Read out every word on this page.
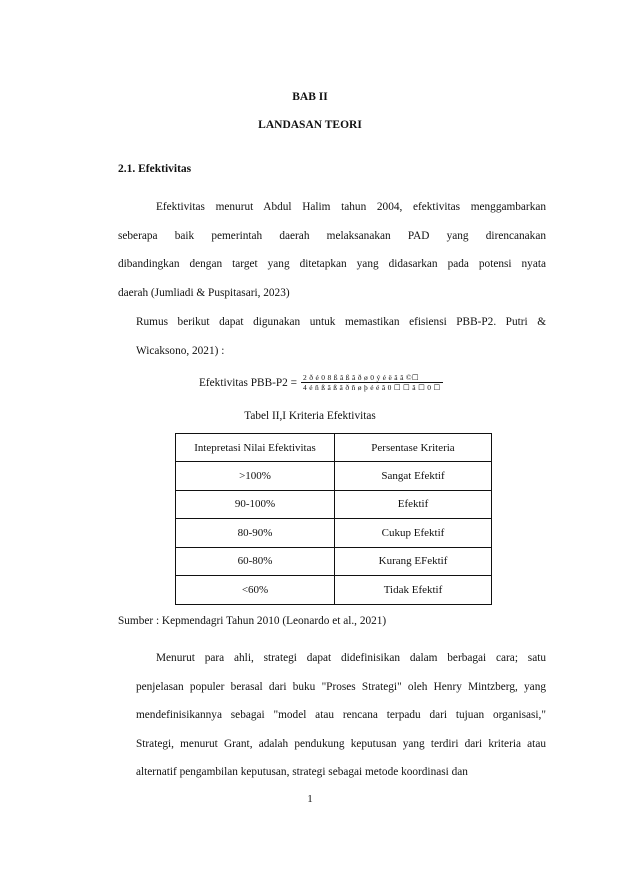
BAB II
LANDASAN TEORI
2.1. Efektivitas
Efektivitas menurut Abdul Halim tahun 2004, efektivitas menggambarkan
seberapa baik pemerintah daerah melaksanakan PAD yang direncanakan
dibandingkan dengan target yang ditetapkan yang didasarkan pada potensi nyata
daerah (Jumliadi & Puspitasari, 2023)
Rumus berikut dapat digunakan untuk memastikan efisiensi PBB-P2. Putri &
Wicaksono, 2021) :
Efektivitas $PBB-P2 = \frac{\text{2 ð é 0 8 ß ã ß ã ð ø 0 ý é ë ã ã ©☐}}{\text{4 é ñ ß ã ß ã ð ñ ø þ é é ã 0 ☐ ☐ ã ☐ 0 ☐}}$
Tabel II,I Kriteria Efektivitas
Intepretasi Nilai Efektivitas	Persentase Kriteria
>100%	Sangat Efektif
90-100%	Efektif
80-90%	Cukup Efektif
60-80%	Kurang EFektif
<60%	Tidak Efektif
Sumber : Kepmendagri Tahun 2010 (Leonardo et al., 2021)
Menurut para ahli, strategi dapat didefinisikan dalam berbagai cara; satu
penjelasan populer berasal dari buku "Proses Strategi" oleh Henry Mintzberg, yang
mendefinisikannya sebagai "model atau rencana terpadu dari tujuan organisasi,"
Strategi, menurut Grant, adalah pendukung keputusan yang terdiri dari kriteria atau
alternatif pengambilan keputusan, strategi sebagai metode koordinasi dan
1
